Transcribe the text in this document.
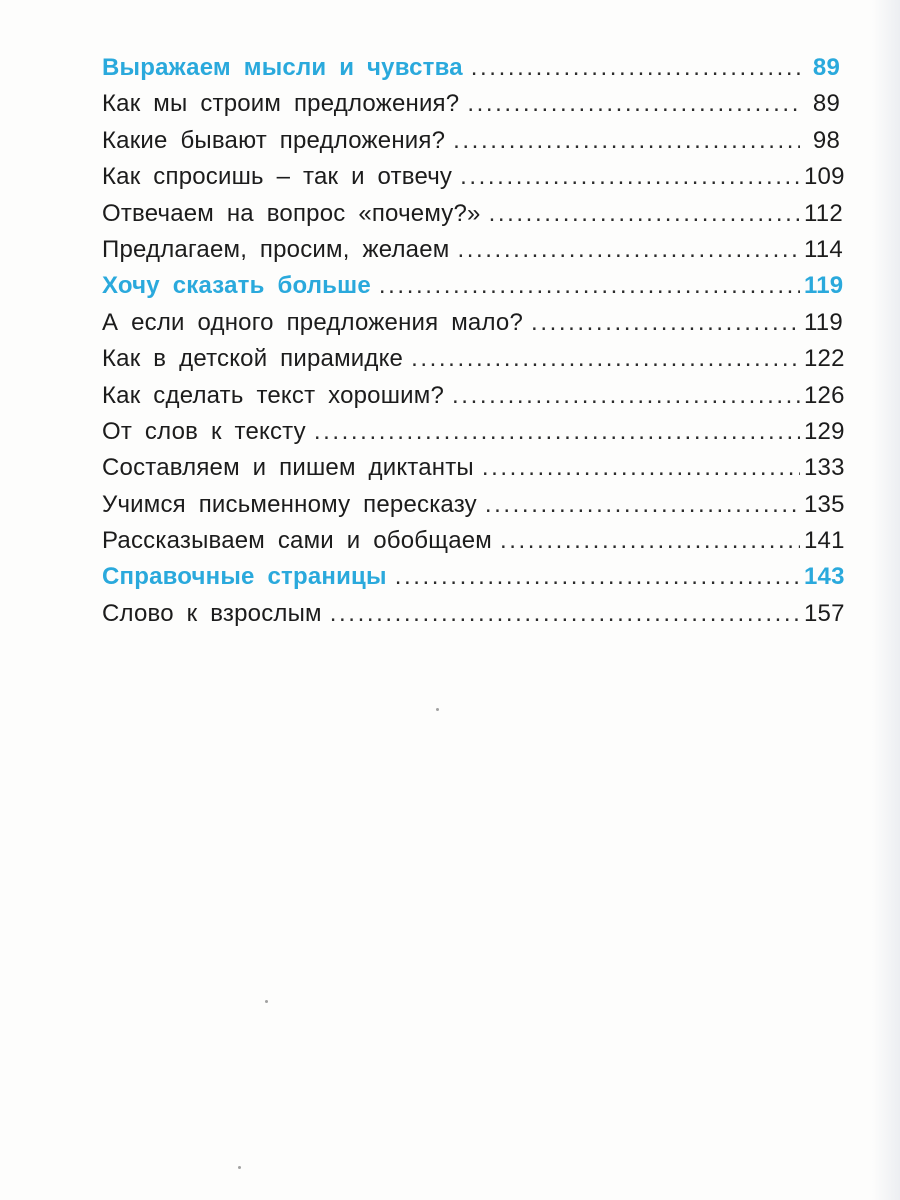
Выражаем мысли и чувства .....	89
Как мы строим предложения? .....	89
Какие бывают предложения? .....	98
Как спросишь – так и отвечу .....	109
Отвечаем на вопрос «почему?» .....	112
Предлагаем, просим, желаем .....	114
Хочу сказать больше .....	119
А если одного предложения мало? .....	119
Как в детской пирамидке .....	122
Как сделать текст хорошим? .....	126
От слов к тексту .....	129
Составляем и пишем диктанты .....	133
Учимся письменному пересказу .....	135
Рассказываем сами и обобщаем .....	141
Справочные страницы .....	143
Слово к взрослым .....	157
